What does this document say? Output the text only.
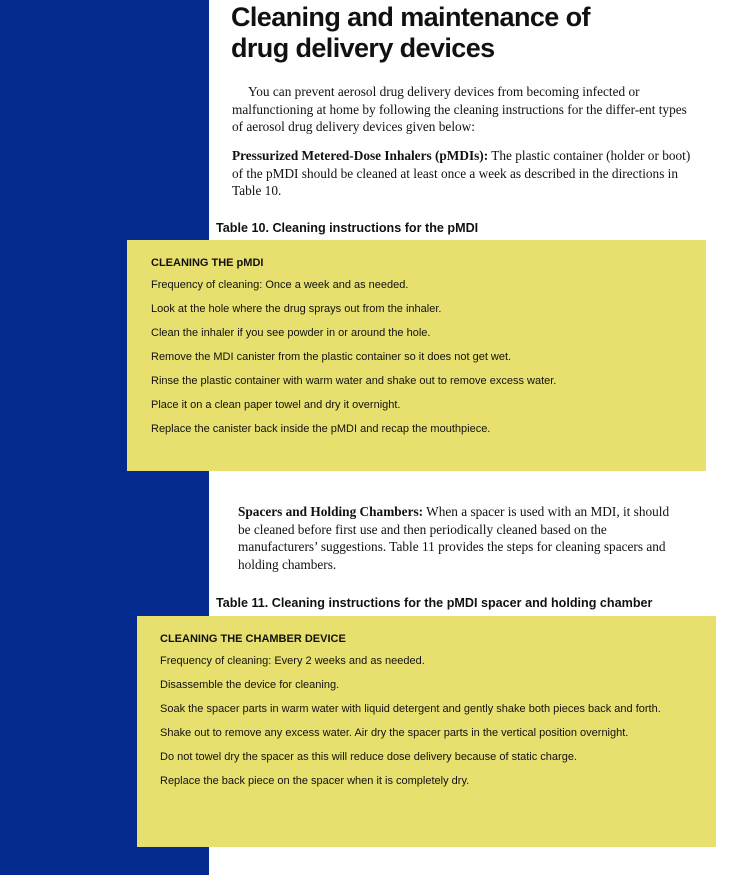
Cleaning and maintenance of
drug delivery devices

You can prevent aerosol drug delivery devices from becoming infected or malfunctioning at home by following the cleaning instructions for the differ-ent types of aerosol drug delivery devices given below:

Pressurized Metered-Dose Inhalers (pMDIs): The plastic container (holder or boot) of the pMDI should be cleaned at least once a week as described in the directions in Table 10.

Table 10. Cleaning instructions for the pMDI
CLEANING THE pMDI
Frequency of cleaning: Once a week and as needed.
Look at the hole where the drug sprays out from the inhaler.
Clean the inhaler if you see powder in or around the hole.
Remove the MDI canister from the plastic container so it does not get wet.
Rinse the plastic container with warm water and shake out to remove excess water.
Place it on a clean paper towel and dry it overnight.
Replace the canister back inside the pMDI and recap the mouthpiece.

Spacers and Holding Chambers: When a spacer is used with an MDI, it should be cleaned before first use and then periodically cleaned based on the manufacturers’ suggestions. Table 11 provides the steps for cleaning spacers and holding chambers.

Table 11. Cleaning instructions for the pMDI spacer and holding chamber
CLEANING THE CHAMBER DEVICE
Frequency of cleaning: Every 2 weeks and as needed.
Disassemble the device for cleaning.
Soak the spacer parts in warm water with liquid detergent and gently shake both pieces back and forth.
Shake out to remove any excess water. Air dry the spacer parts in the vertical position overnight.
Do not towel dry the spacer as this will reduce dose delivery because of static charge.
Replace the back piece on the spacer when it is completely dry.
